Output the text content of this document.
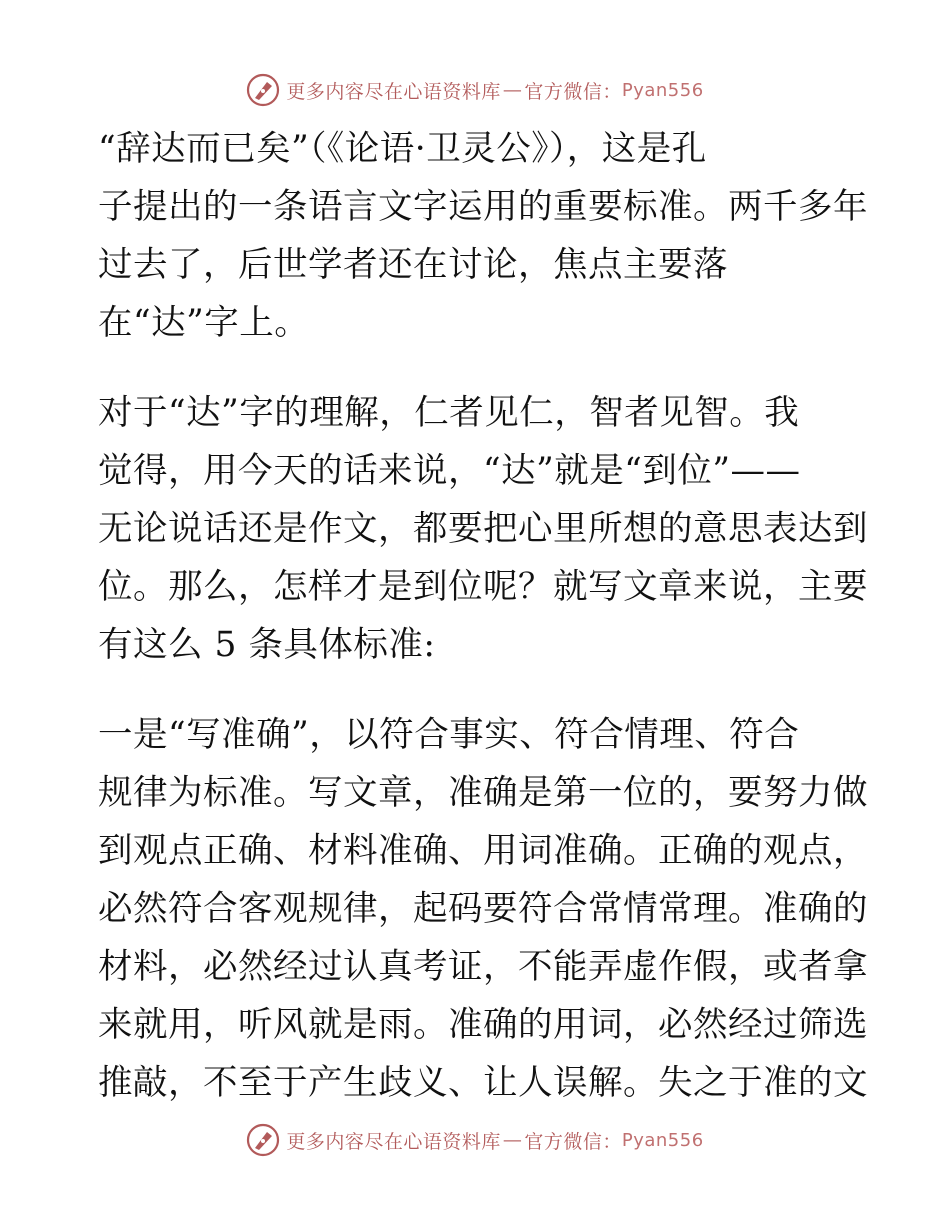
更多内容尽在心语资料库 — 官方微信： Pyan556
“辞达而已矣”（《论语·卫灵公》），这是孔
子提出的一条语言文字运用的重要标准。两千多年
过去了，后世学者还在讨论，焦点主要落
在“达”字上。
对于“达”字的理解，仁者见仁，智者见智。我
觉得，用今天的话来说，“达”就是“到位”——
无论说话还是作文，都要把心里所想的意思表达到
位。那么，怎样才是到位呢？就写文章来说，主要
有这么 5 条具体标准:
一是“写准确”，以符合事实、符合情理、符合
规律为标准。写文章，准确是第一位的，要努力做
到观点正确、材料准确、用词准确。正确的观点，
必然符合客观规律，起码要符合常情常理。准确的
材料，必然经过认真考证，不能弄虚作假，或者拿
来就用，听风就是雨。准确的用词，必然经过筛选
推敲，不至于产生歧义、让人误解。失之于准的文
更多内容尽在心语资料库 — 官方微信： Pyan556
